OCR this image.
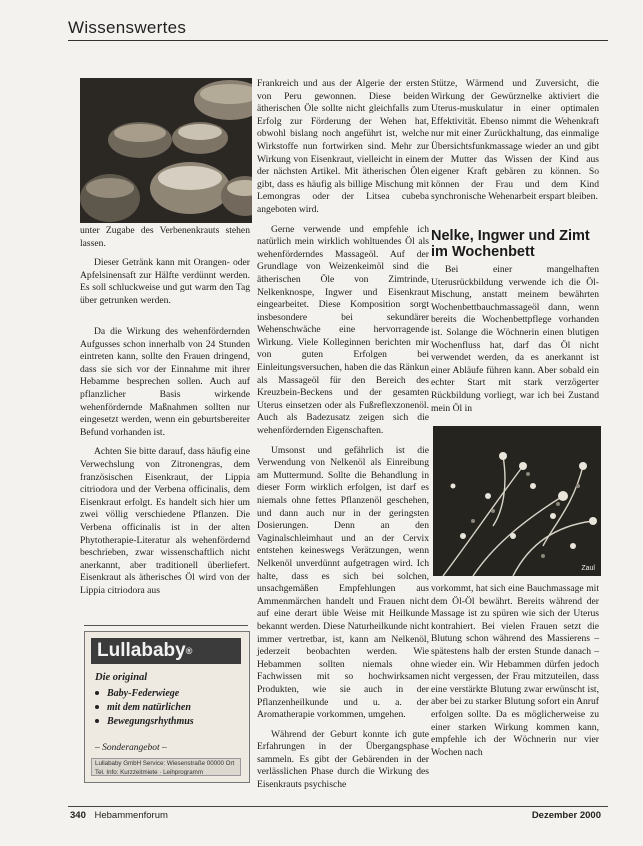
Wissenswertes

unter Zugabe des Verbenenkrauts stehen lassen.

Dieser Getränk kann mit Orangen- oder Apfelsinensaft zur Hälfte verdünnt werden. Es soll schluckweise und gut warm den Tag über getrunken werden.

Da die Wirkung des wehenfördernden Aufgusses schon innerhalb von 24 Stunden eintreten kann, sollte den Frauen dringend, dass sie sich vor der Einnahme mit ihrer Hebamme besprechen sollen. Auch auf pflanzlicher Basis wirkende wehenfördernde Maßnahmen sollten nur eingesetzt werden, wenn ein geburtsbereiter Befund vorhanden ist.

Achten Sie bitte darauf, dass häufig eine Verwechslung von Zitronengras, dem französischen Eisenkraut, der Lippia citriodora und der Verbena officinalis, dem Eisenkraut erfolgt. Es handelt sich hier um zwei völlig verschiedene Pflanzen. Die Verbena officinalis ist in der alten Phytotherapie-Literatur als wehenfördernd beschrieben, zwar wissenschaftlich nicht anerkannt, aber traditionell überliefert. Eisenkraut als ätherisches Öl wird von der Lippia citriodora aus

Lullababy®
Die original
Baby-Federwiege
mit dem natürlichen
Bewegungsrhythmus
– Sonderangebot –
Lullababy GmbH Service: Wiesenstraße 00000 Ort Tel. Info: Kurzzeitmiete · Leihprogramm

Frankreich und aus der Algerie der ersten von Peru gewonnen. Diese beiden ätherischen Öle sollte nicht gleichfalls zum Erfolg zur Förderung der Wehen hat, obwohl bislang noch angeführt ist, welche Wirkstoffe nun fortwirken sind. Mehr zur Wirkung von Eisenkraut, vielleicht in einem der nächsten Artikel. Mit ätherischen Ölen gibt, dass es häufig als billige Mischung mit Lemongras oder der Litsea cubeba angeboten wird.

Gerne verwende und empfehle ich natürlich mein wirklich wohltuendes Öl als wehenförderndes Massageöl. Auf der Grundlage von Weizenkeimöl sind die ätherischen Öle von Zimtrinde, Nelkenknospe, Ingwer und Eisenkraut eingearbeitet. Diese Komposition sorgt insbesondere bei sekundärer Wehenschwäche eine hervorragende Wirkung. Viele Kolleginnen berichten mir von guten Erfolgen bei Einleitungsversuchen, haben die das Ränkun als Massageöl für den Bereich des Kreuzbein-Beckens und der gesamten Uterus einsetzen oder als Fußreflexzonenöl. Auch als Badezusatz zeigen sich die wehenfördernden Eigenschaften.

Umsonst und gefährlich ist die Verwendung von Nelkenöl als Einreibung am Muttermund. Sollte die Behandlung in dieser Form wirklich erfolgen, ist darf es niemals ohne fettes Pflanzenöl geschehen, und dann auch nur in der geringsten Dosierungen. Denn an den Vaginalschleimhaut und an der Cervix entstehen keineswegs Verätzungen, wenn Nelkenöl unverdünnt aufgetragen wird. Ich halte, dass es sich bei solchen, unsachgemäßen Empfehlungen aus Ammenmärchen handelt und Frauen nicht auf eine derart üble Weise mit Heilkunde bekannt werden. Diese Naturheilkunde nicht immer vertretbar, ist, kann am Nelkenöl, jederzeit beobachten werden. Wie Hebammen sollten niemals ohne Fachwissen mit so hochwirksamen Produkten, wie sie auch in der Pflanzenheilkunde und u. a. der Aromatherapie vorkommen, umgehen.

Während der Geburt konnte ich gute Erfahrungen in der Übergangsphase sammeln. Es gibt der Gebärenden in der verlässlichen Phase durch die Wirkung des Eisenkrauts psychische

Stütze, Wärmend und Zuversicht, die Wirkung der Gewürznelke aktiviert die Uterus-muskulatur in einer optimalen Effektivität. Ebenso nimmt die Wehenkraft nur mit einer Zurückhaltung, das einmalige Übersichtsfunkmassage wieder an und gibt der Mutter das Wissen der Kind aus eigener Kraft gebären zu können. So können der Frau und dem Kind synchronische Wehenarbeit erspart bleiben.

Nelke, Ingwer und Zimt im Wochenbett

Bei einer mangelhaften Uterusrückbildung verwende ich die Öl-Mischung, anstatt meinem bewährten Wochenbettbauchmassageöl dann, wenn bereits die Wochenbettpflege vorhanden ist. Solange die Wöchnerin einen blutigen Wochenfluss hat, darf das Öl nicht verwendet werden, da es anerkannt ist einer Abläufe führen kann. Aber sobald ein echter Start mit stark verzögerter Rückbildung vorliegt, war ich bei Zustand mein Öl in

Zaul

vorkommt, hat sich eine Bauchmassage mit dem Öl-Öl bewährt. Bereits während der Massage ist zu spüren wie sich der Uterus kontrahiert. Bei vielen Frauen setzt die Blutung schon während des Massierens – spätestens halb der ersten Stunde danach – wieder ein. Wir Hebammen dürfen jedoch nicht vergessen, der Frau mitzuteilen, dass eine verstärkte Blutung zwar erwünscht ist, aber bei zu starker Blutung sofort ein Anruf erfolgen sollte. Da es möglicherweise zu einer starken Wirkung kommen kann, empfehle ich der Wöchnerin nur vier Wochen nach

340 Hebammenforum	Dezember 2000
